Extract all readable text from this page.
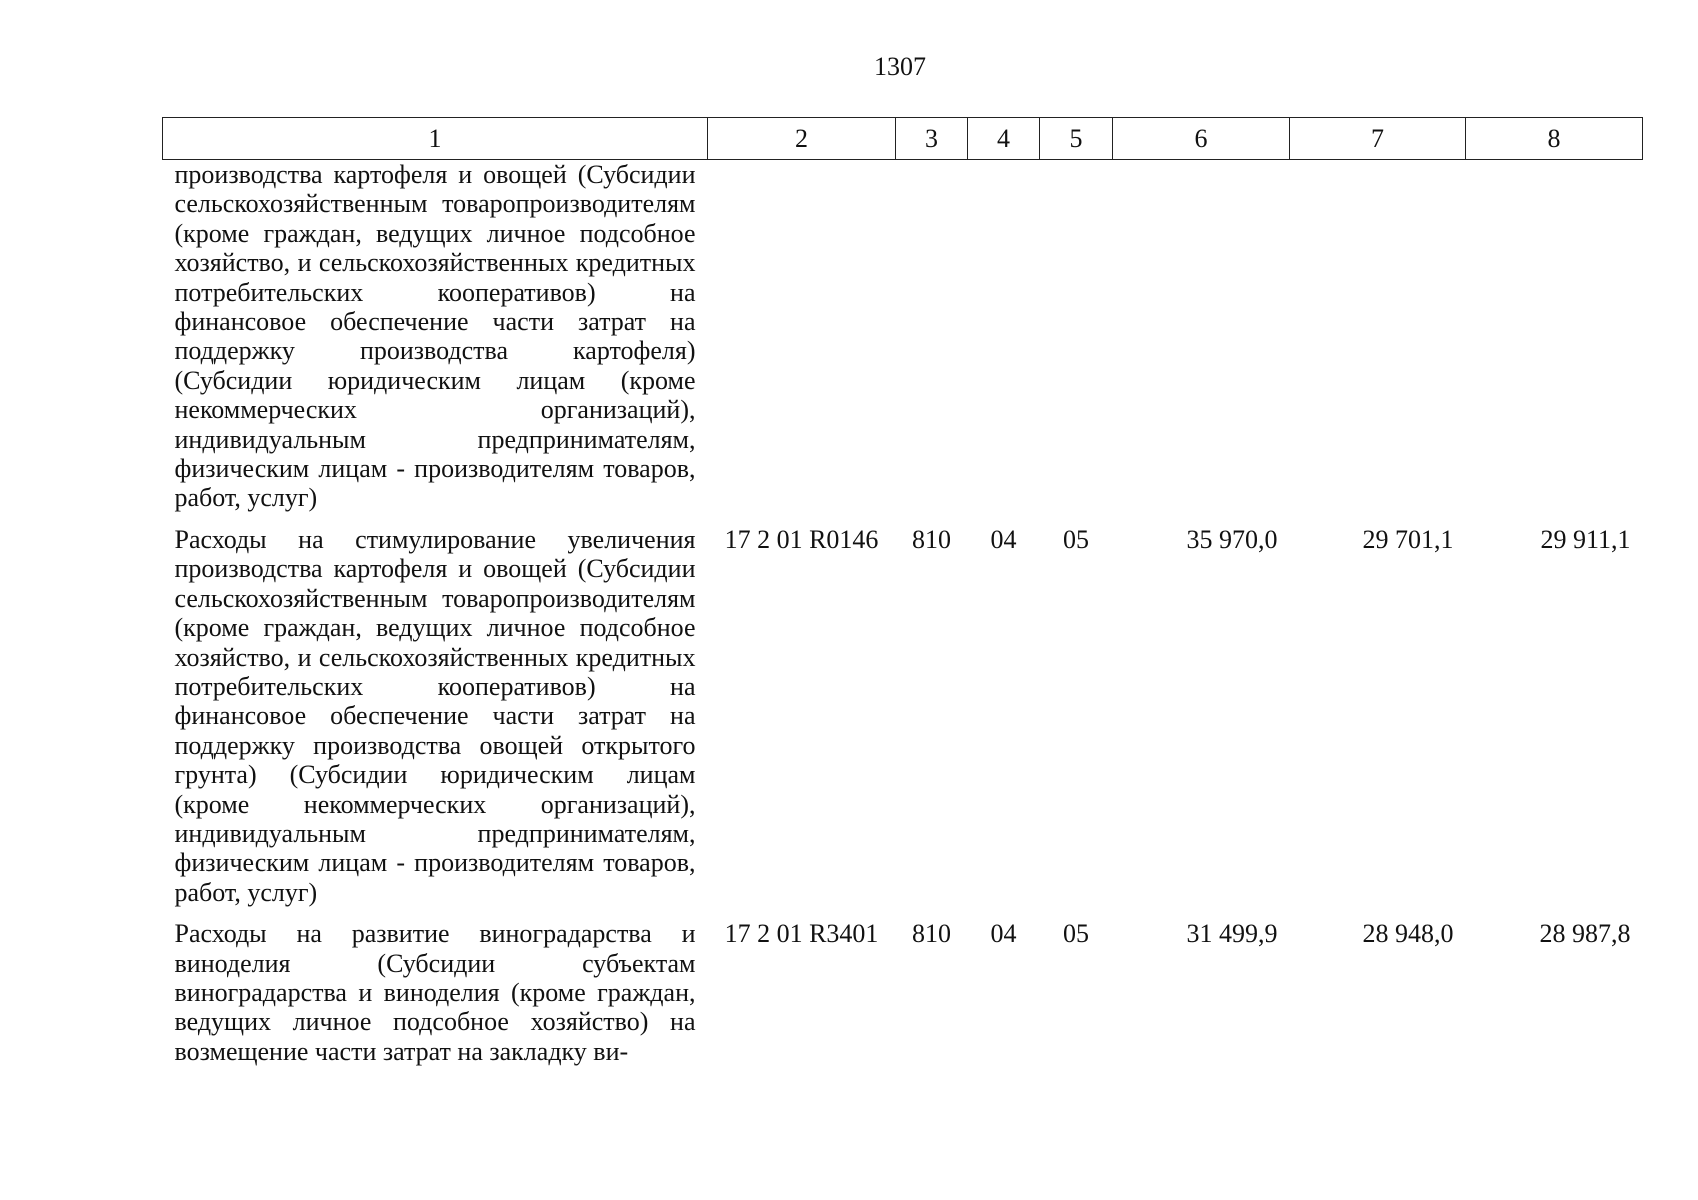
1307
1	2	3	4	5	6	7	8
производства картофеля и овощей (Субсидии сельскохозяйственным товаропроизводителям (кроме граждан, ведущих личное подсобное хозяйство, и сельскохозяйственных кредитных потребительских кооперативов) на финансовое обеспечение части затрат на поддержку производства картофеля) (Субсидии юридическим лицам (кроме некоммерческих организаций), индивидуальным предпринимателям, физическим лицам - производителям товаров, работ, услуг)							
Расходы на стимулирование увеличения производства картофеля и овощей (Субсидии сельскохозяйственным товаропроизводителям (кроме граждан, ведущих личное подсобное хозяйство, и сельскохозяйственных кредитных потребительских кооперативов) на финансовое обеспечение части затрат на поддержку производства овощей открытого грунта) (Субсидии юридическим лицам (кроме некоммерческих организаций), индивидуальным предпринимателям, физическим лицам - производителям товаров, работ, услуг)	17 2 01 R0146	810	04	05	35 970,0	29 701,1	29 911,1
Расходы на развитие виноградарства и виноделия (Субсидии субъектам виноградарства и виноделия (кроме граждан, ведущих личное подсобное хозяйство) на возмещение части затрат на закладку ви-	17 2 01 R3401	810	04	05	31 499,9	28 948,0	28 987,8
